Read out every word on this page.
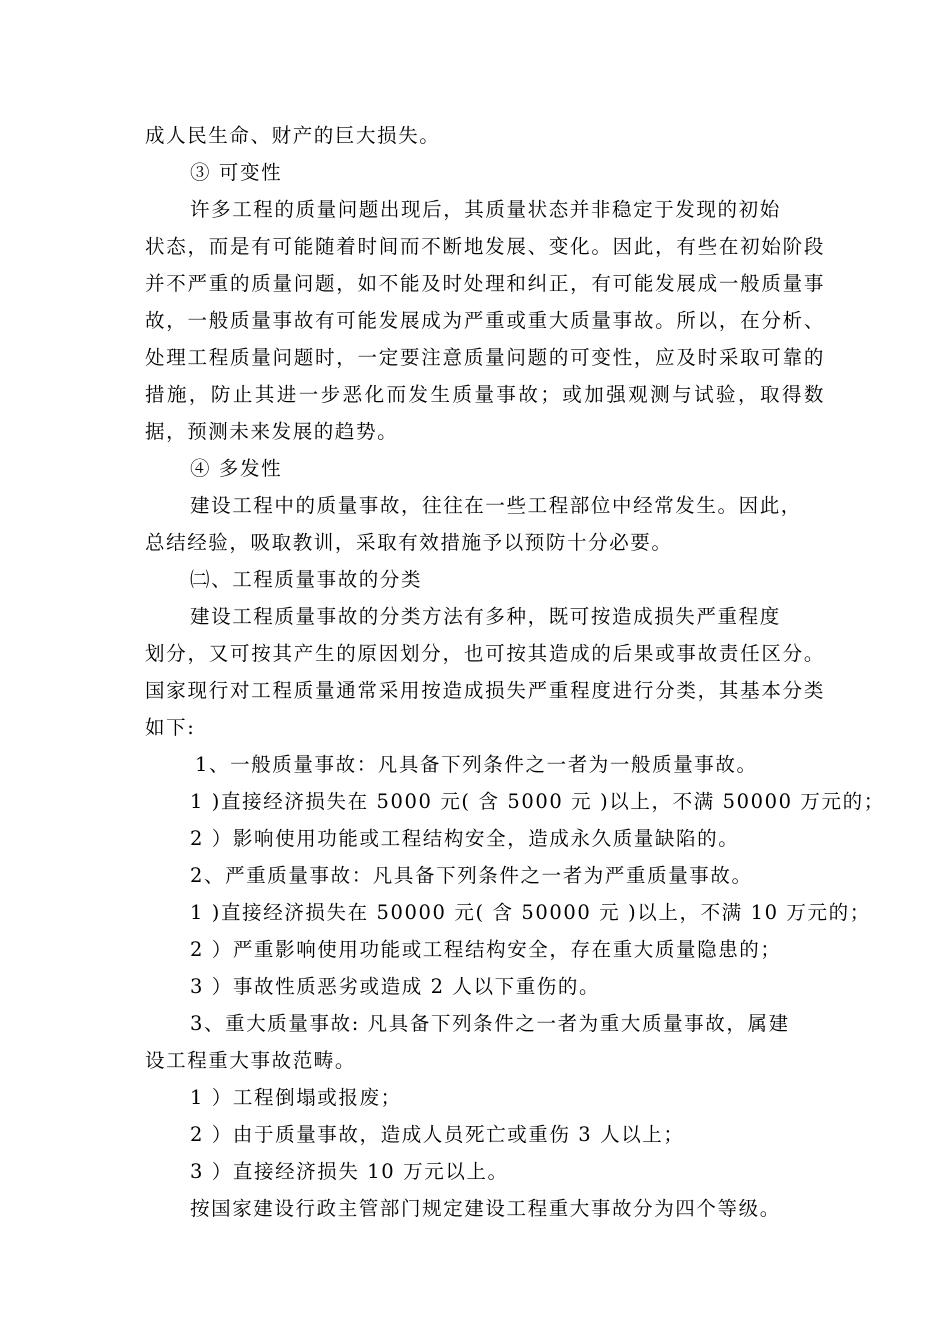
成人民生命、财产的巨大损失。

③ 可变性

许多工程的质量问题出现后，其质量状态并非稳定于发现的初始
状态，而是有可能随着时间而不断地发展、变化。因此，有些在初始阶段并不严重的质量问题，如不能及时处理和纠正，有可能发展成一般质量事故，一般质量事故有可能发展成为严重或重大质量事故。所以，在分析、处理工程质量问题时，一定要注意质量问题的可变性，应及时采取可靠的措施，防止其进一步恶化而发生质量事故；或加强观测与试验，取得数据，预测未来发展的趋势。

④ 多发性

建设工程中的质量事故，往往在一些工程部位中经常发生。因此，
总结经验，吸取教训，采取有效措施予以预防十分必要。

㈡、工程质量事故的分类

建设工程质量事故的分类方法有多种，既可按造成损失严重程度
划分，又可按其产生的原因划分，也可按其造成的后果或事故责任区分。国家现行对工程质量通常采用按造成损失严重程度进行分类，其基本分类如下:

1、一般质量事故：凡具备下列条件之一者为一般质量事故。

1 )直接经济损失在 5000 元( 含 5000 元 )以上，不满 50000 万元的；

2 ）影响使用功能或工程结构安全，造成永久质量缺陷的。

2、严重质量事故：凡具备下列条件之一者为严重质量事故。

1 )直接经济损失在 50000 元( 含 50000 元 )以上，不满 10 万元的；

2 ）严重影响使用功能或工程结构安全，存在重大质量隐患的；

3 ）事故性质恶劣或造成 2 人以下重伤的。

3、重大质量事故: 凡具备下列条件之一者为重大质量事故，属建
设工程重大事故范畴。

1 ）工程倒塌或报废；

2 ）由于质量事故，造成人员死亡或重伤 3 人以上；

3 ）直接经济损失 10 万元以上。

按国家建设行政主管部门规定建设工程重大事故分为四个等级。
